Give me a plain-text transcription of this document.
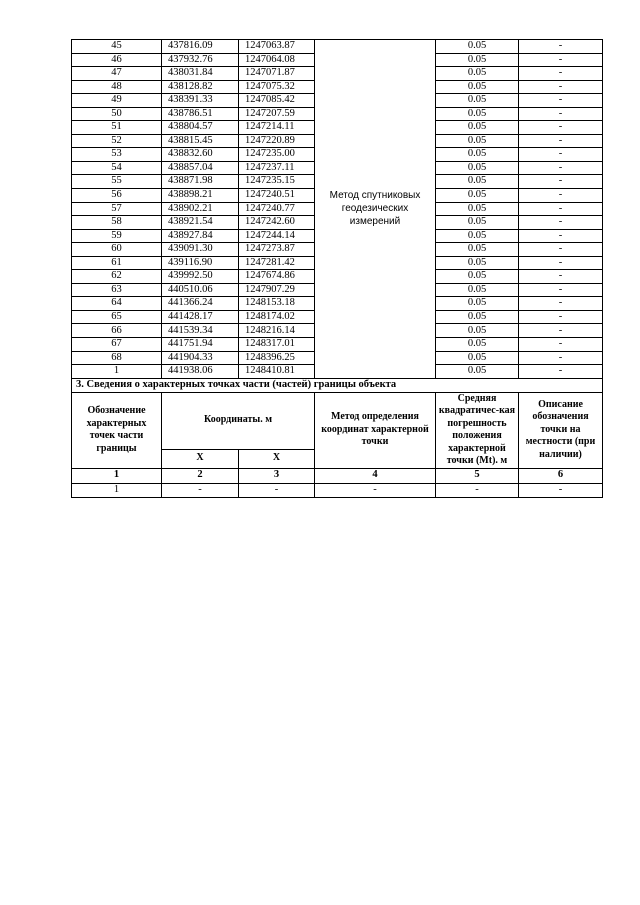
45	437816.09	1247063.87	Метод спутниковых геодезических измерений	0.05	-
46	437932.76	1247064.08		0.05	-
47	438031.84	1247071.87		0.05	-
48	438128.82	1247075.32		0.05	-
49	438391.33	1247085.42		0.05	-
50	438786.51	1247207.59		0.05	-
51	438804.57	1247214.11		0.05	-
52	438815.45	1247220.89		0.05	-
53	438832.60	1247235.00		0.05	-
54	438857.04	1247237.11		0.05	-
55	438871.98	1247235.15		0.05	-
56	438898.21	1247240.51		0.05	-
57	438902.21	1247240.77		0.05	-
58	438921.54	1247242.60		0.05	-
59	438927.84	1247244.14		0.05	-
60	439091.30	1247273.87		0.05	-
61	439116.90	1247281.42		0.05	-
62	439992.50	1247674.86		0.05	-
63	440510.06	1247907.29		0.05	-
64	441366.24	1248153.18		0.05	-
65	441428.17	1248174.02		0.05	-
66	441539.34	1248216.14		0.05	-
67	441751.94	1248317.01		0.05	-
68	441904.33	1248396.25		0.05	-
1	441938.06	1248410.81		0.05	-
3. Сведения о характерных точках части (частей) границы объекта					
Обозначение характерных точек части границы	Координаты. м		Метод определения координат характерной точки	Средняя квадратичес-кая погрешность положения характерной точки (Mt). м	Описание обозначения точки на местности (при наличии)
	X	X			
1	2	3	4	5	6
1	-	-	-	-	-
